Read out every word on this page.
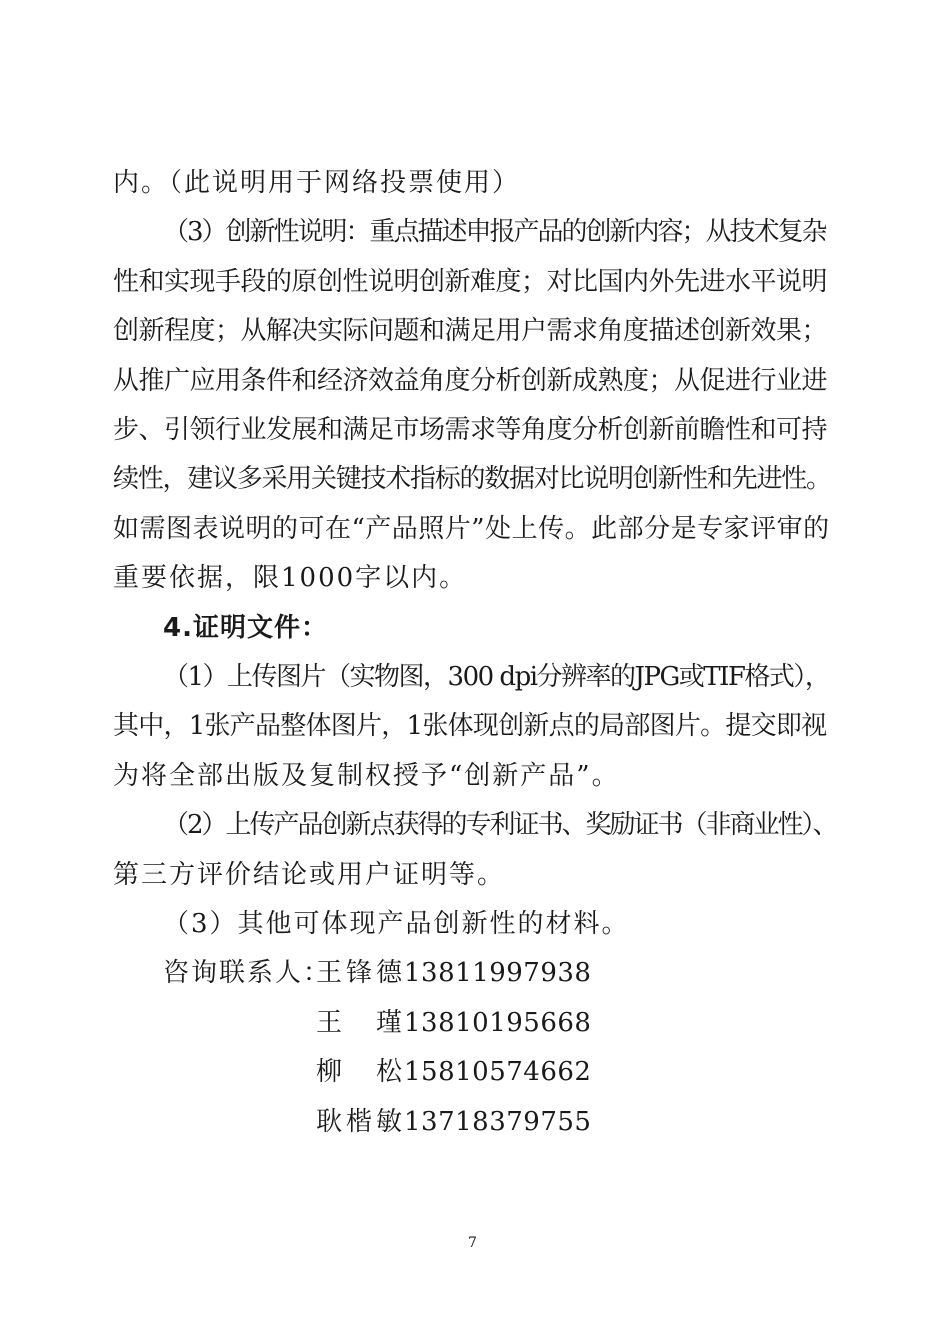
内。（此说明用于网络投票使用）
（3）创新性说明：重点描述申报产品的创新内容；从技术复杂
性和实现手段的原创性说明创新难度；对比国内外先进水平说明
创新程度；从解决实际问题和满足用户需求角度描述创新效果；
从推广应用条件和经济效益角度分析创新成熟度；从促进行业进
步、引领行业发展和满足市场需求等角度分析创新前瞻性和可持
续性，建议多采用关键技术指标的数据对比说明创新性和先进性。
如需图表说明的可在“产品照片”处上传。此部分是专家评审的
重要依据，限1000字以内。
4.证明文件：
（1）上传图片（实物图，300 dpi分辨率的JPG或TIF格式），
其中，1张产品整体图片，1张体现创新点的局部图片。提交即视
为将全部出版及复制权授予“创新产品”。
（2）上传产品创新点获得的专利证书、奖励证书（非商业性）、
第三方评价结论或用户证明等。
（3）其他可体现产品创新性的材料。
咨询联系人：
王锋德
13811997938
王　瑾
13810195668
柳　松
15810574662
耿楷敏
13718379755
7
